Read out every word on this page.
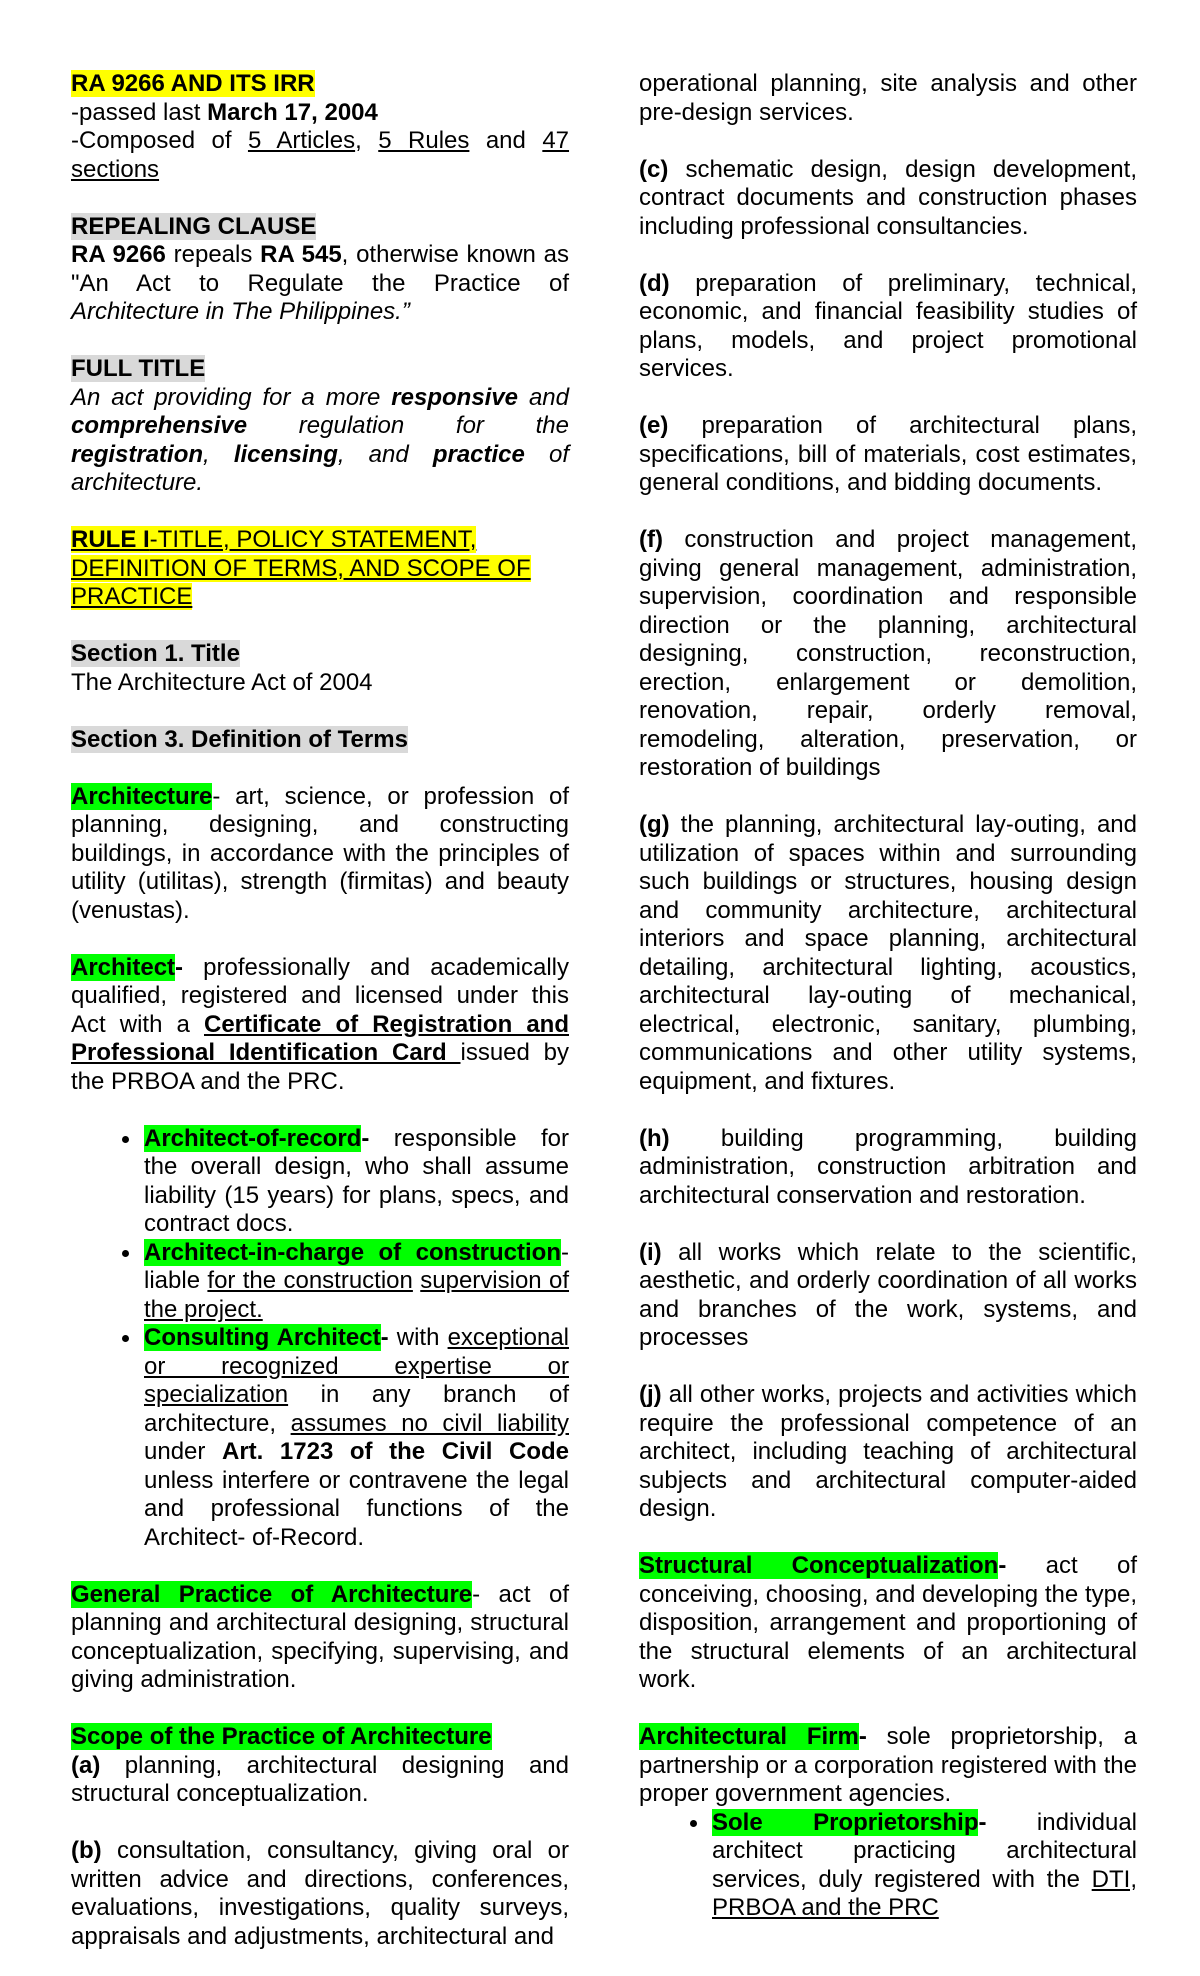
RA 9266 AND ITS IRR

-passed last March 17, 2004

-Composed of 5 Articles, 5 Rules and 47 sections

REPEALING CLAUSE

RA 9266 repeals RA 545, otherwise known as "An Act to Regulate the Practice of Architecture in The Philippines.”

FULL TITLE

An act providing for a more responsive and comprehensive regulation for the registration, licensing, and practice of architecture.

RULE I-TITLE, POLICY STATEMENT, DEFINITION OF TERMS, AND SCOPE OF PRACTICE

Section 1. Title

The Architecture Act of 2004

Section 3. Definition of Terms

Architecture- art, science, or profession of planning, designing, and constructing buildings, in accordance with the principles of utility (utilitas), strength (firmitas) and beauty (venustas).

Architect- professionally and academically qualified, registered and licensed under this Act with a Certificate of Registration and Professional Identification Card issued by the PRBOA and the PRC.

• Architect-of-record- responsible for the overall design, who shall assume liability (15 years) for plans, specs, and contract docs.
• Architect-in-charge of construction- liable for the construction supervision of the project.
• Consulting Architect- with exceptional or recognized expertise or specialization in any branch of architecture, assumes no civil liability under Art. 1723 of the Civil Code unless interfere or contravene the legal and professional functions of the Architect- of-Record.

General Practice of Architecture- act of planning and architectural designing, structural conceptualization, specifying, supervising, and giving administration.

Scope of the Practice of Architecture

(a) planning, architectural designing and structural conceptualization.

(b) consultation, consultancy, giving oral or written advice and directions, conferences, evaluations, investigations, quality surveys, appraisals and adjustments, architectural and

operational planning, site analysis and other pre-design services.

(c) schematic design, design development, contract documents and construction phases including professional consultancies.

(d) preparation of preliminary, technical, economic, and financial feasibility studies of plans, models, and project promotional services.

(e) preparation of architectural plans, specifications, bill of materials, cost estimates, general conditions, and bidding documents.

(f) construction and project management, giving general management, administration, supervision, coordination and responsible direction or the planning, architectural designing, construction, reconstruction, erection, enlargement or demolition, renovation, repair, orderly removal, remodeling, alteration, preservation, or restoration of buildings

(g) the planning, architectural lay-outing, and utilization of spaces within and surrounding such buildings or structures, housing design and community architecture, architectural interiors and space planning, architectural detailing, architectural lighting, acoustics, architectural lay-outing of mechanical, electrical, electronic, sanitary, plumbing, communications and other utility systems, equipment, and fixtures.

(h) building programming, building administration, construction arbitration and architectural conservation and restoration.

(i) all works which relate to the scientific, aesthetic, and orderly coordination of all works and branches of the work, systems, and processes

(j) all other works, projects and activities which require the professional competence of an architect, including teaching of architectural subjects and architectural computer-aided design.

Structural Conceptualization- act of conceiving, choosing, and developing the type, disposition, arrangement and proportioning of the structural elements of an architectural work.

Architectural Firm- sole proprietorship, a partnership or a corporation registered with the proper government agencies.

• Sole Proprietorship- individual architect practicing architectural services, duly registered with the DTI, PRBOA and the PRC
